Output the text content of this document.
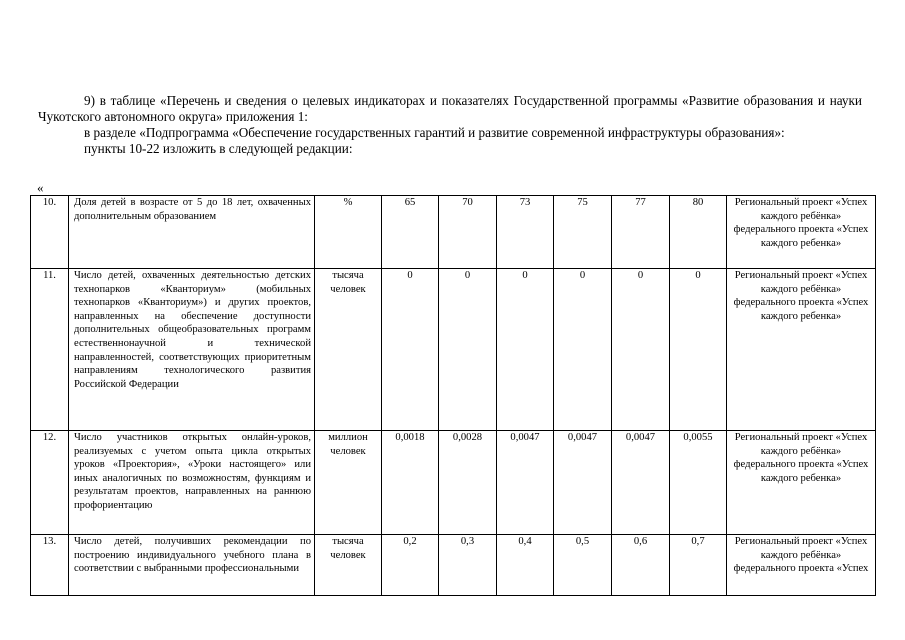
9) в таблице «Перечень и сведения о целевых индикаторах и показателях Государственной программы «Развитие образования и науки Чукотского автономного округа» приложения 1:

в разделе «Подпрограмма «Обеспечение государственных гарантий и развитие современной инфраструктуры образования»:

пункты 10-22 изложить в следующей редакции:

«
10.	Доля детей в возрасте от 5 до 18 лет, охваченных дополнительным образованием	%	65	70	73	75	77	80	Региональный проект «Успех каждого ребёнка» федерального проекта «Успех каждого ребенка»
11.	Число детей, охваченных деятельностью детских технопарков «Кванториум» (мобильных технопарков «Кванториум») и других проектов, направленных на обеспечение доступности дополнительных общеобразовательных программ естественнонаучной и технической направленностей, соответствующих приоритетным направлениям технологического развития Российской Федерации	тысяча человек	0	0	0	0	0	0	Региональный проект «Успех каждого ребёнка» федерального проекта «Успех каждого ребенка»
12.	Число участников открытых онлайн-уроков, реализуемых с учетом опыта цикла открытых уроков «Проектория», «Уроки настоящего» или иных аналогичных по возможностям, функциям и результатам проектов, направленных на раннюю профориентацию	миллион человек	0,0018	0,0028	0,0047	0,0047	0,0047	0,0055	Региональный проект «Успех каждого ребёнка» федерального проекта «Успех каждого ребенка»
13.	Число детей, получивших рекомендации по построению индивидуального учебного плана в соответствии с выбранными профессиональными	тысяча человек	0,2	0,3	0,4	0,5	0,6	0,7	Региональный проект «Успех каждого ребёнка» федерального проекта «Успех
